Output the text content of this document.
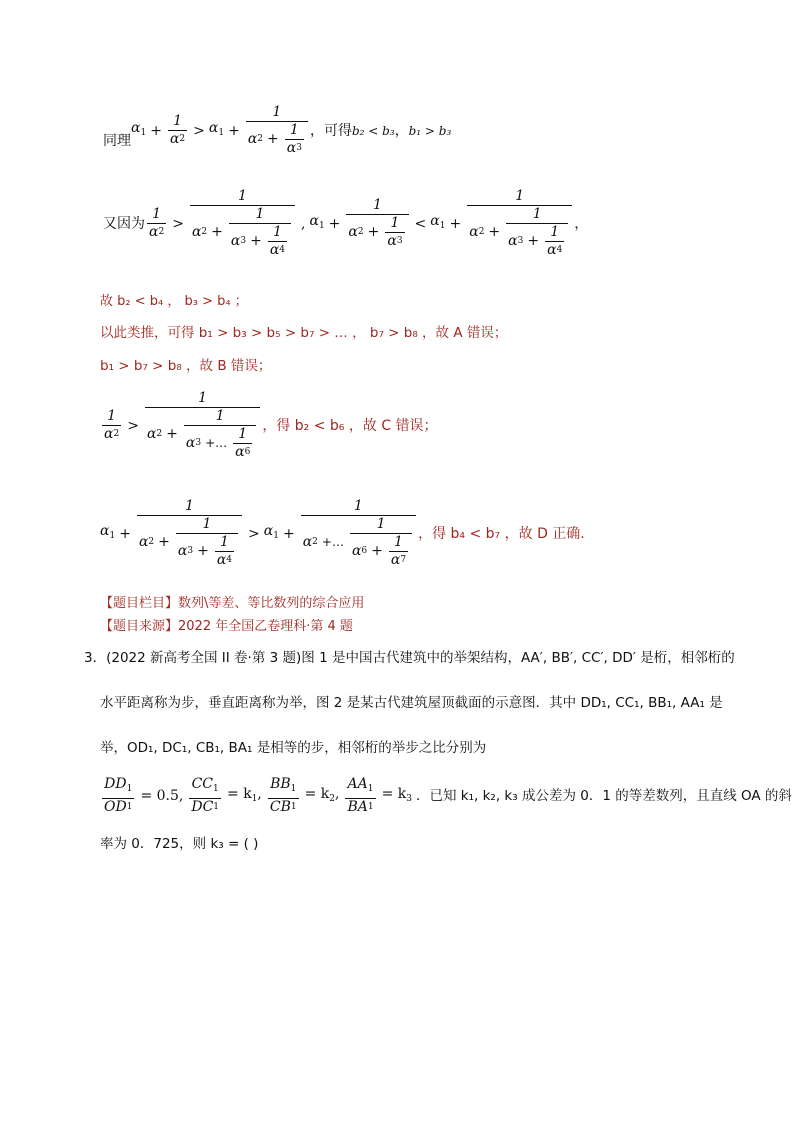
同理
$\alpha_1 + \frac{1}{\alpha 2} > \alpha_1 + \frac{1}{\alpha 2 + \frac{1}{\alpha 3}}$ ，可得 b₂ < b₃ ， b₁ > b₃
又因为 $\frac{1}{\alpha 2} > \frac{1}{\alpha 2 + \frac{1}{\alpha 3 + \frac{1}{\alpha 4}}}$ , $\alpha_1 + \frac{1}{\alpha 2 + \frac{1}{\alpha 3}} < \alpha_1 + \frac{1}{\alpha 2 + \frac{1}{\alpha 3 + \frac{1}{\alpha 4}}}$ ，
故 b₂ < b₄ ， b₃ > b₄ ；
以此类推，可得 b₁ > b₃ > b₅ > b₇ > … ， b₇ > b₈ ，故 A 错误；
b₁ > b₇ > b₈ ，故 B 错误；
$\frac{1}{\alpha 2} > \frac{1}{\alpha 2 + \frac{1}{\alpha 3 +\dots \frac{1}{\alpha 6}}}$ ，得 b₂ < b₆ ，故 C 错误；
$\alpha_1 + \frac{1}{\alpha 2 + \frac{1}{\alpha 3 + \frac{1}{\alpha 4}}} > \alpha_1 + \frac{1}{\alpha 2 +\dots \frac{1}{\alpha 6 + \frac{1}{\alpha 7}}}$ ，得 b₄ < b₇ ，故 D 正确.
【题目栏目】数列\等差、等比数列的综合应用
【题目来源】2022 年全国乙卷理科·第 4 题
3．(2022 新高考全国 II 卷·第 3 题)图 1 是中国古代建筑中的举架结构，AA′, BB′, CC′, DD′ 是桁，相邻桁的
水平距离称为步，垂直距离称为举，图 2 是某古代建筑屋顶截面的示意图．其中 DD₁, CC₁, BB₁, AA₁ 是
举，OD₁, DC₁, CB₁, BA₁ 是相等的步，相邻桁的举步之比分别为
$\frac{DD_1}{OD 1} = 0.5$, $\frac{CC_1}{DC 1} = k_1$, $\frac{BB_1}{CB 1} = k_2$, $\frac{AA_1}{BA 1} = k_3$ ．已知 k₁, k₂, k₃ 成公差为 0．1 的等差数列，且直线 OA 的斜
率为 0．725，则 k₃ = ( )
